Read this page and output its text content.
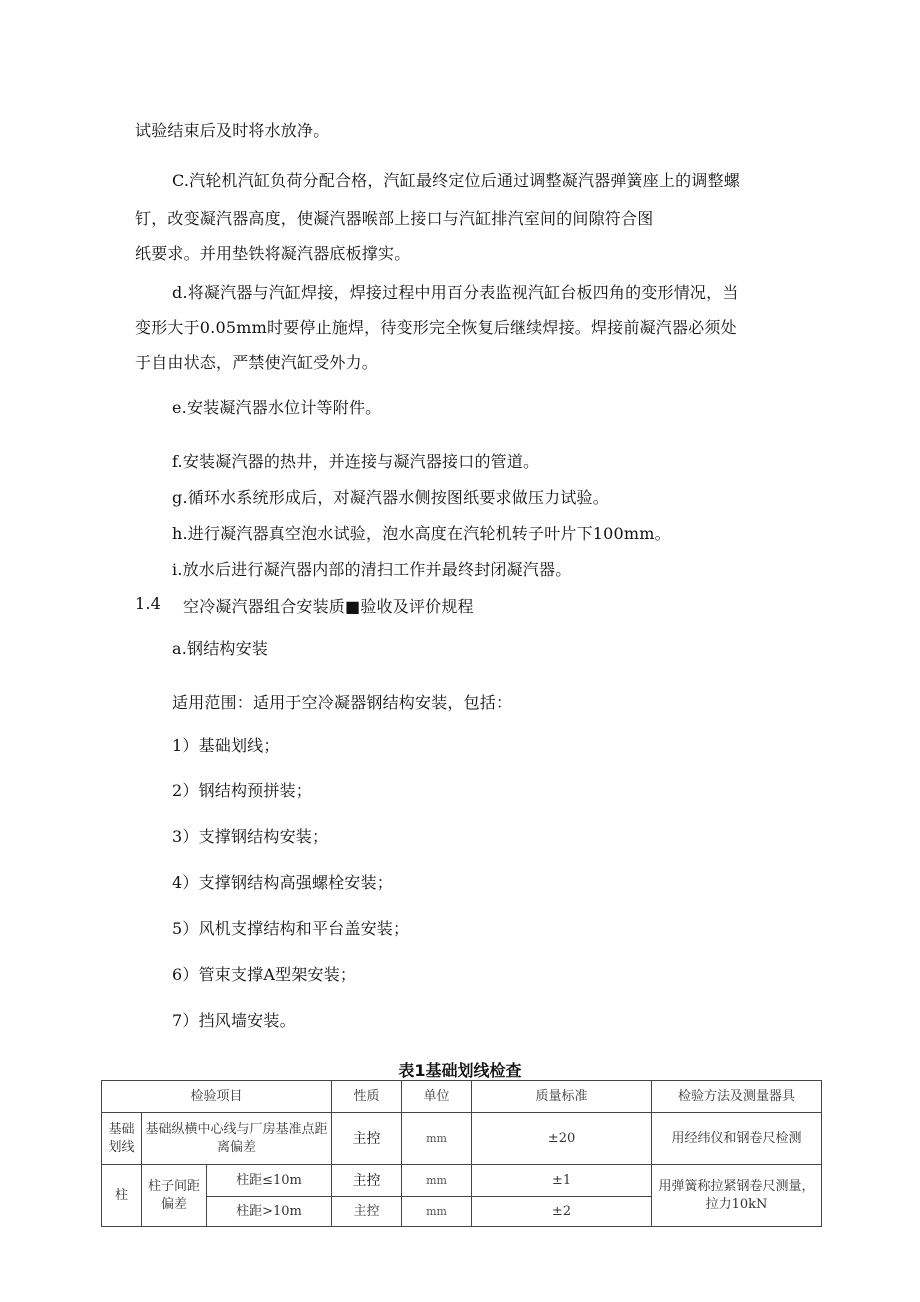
试验结束后及时将水放净。
C.汽轮机汽缸负荷分配合格，汽缸最终定位后通过调整凝汽器弹簧座上的调整螺
钉，改变凝汽器高度，使凝汽器喉部上接口与汽缸排汽室间的间隙符合图
纸要求。并用垫铁将凝汽器底板撑实。
d.将凝汽器与汽缸焊接，焊接过程中用百分表监视汽缸台板四角的变形情况，当
变形大于0.05mm时要停止施焊，待变形完全恢复后继续焊接。焊接前凝汽器必须处
于自由状态，严禁使汽缸受外力。
e.安装凝汽器水位计等附件。
f.安装凝汽器的热井，并连接与凝汽器接口的管道。
g.循环水系统形成后，对凝汽器水侧按图纸要求做压力试验。
h.进行凝汽器真空泡水试验，泡水高度在汽轮机转子叶片下100mm。
i.放水后进行凝汽器内部的清扫工作并最终封闭凝汽器。
1.4 空冷凝汽器组合安装质■验收及评价规程
a.钢结构安装
适用范围：适用于空冷凝器钢结构安装，包括：
1）基础划线；
2）钢结构预拼装；
3）支撑钢结构安装；
4）支撑钢结构高强螺栓安装；
5）风机支撑结构和平台盖安装；
6）管束支撑A型架安装；
7）挡风墙安装。
表1基础划线检查
检验项目			性质	单位	质量标准	检验方法及测量器具
基础划线	基础纵横中心线与厂房基准点距离偏差		主控	mm	±20	用经纬仪和钢卷尺检测
柱	柱子间距偏差	柱距≤10m	主控	mm	±1	用弹簧称拉紧钢卷尺测量，拉力10kN
		柱距>10m	主控	mm	±2	
